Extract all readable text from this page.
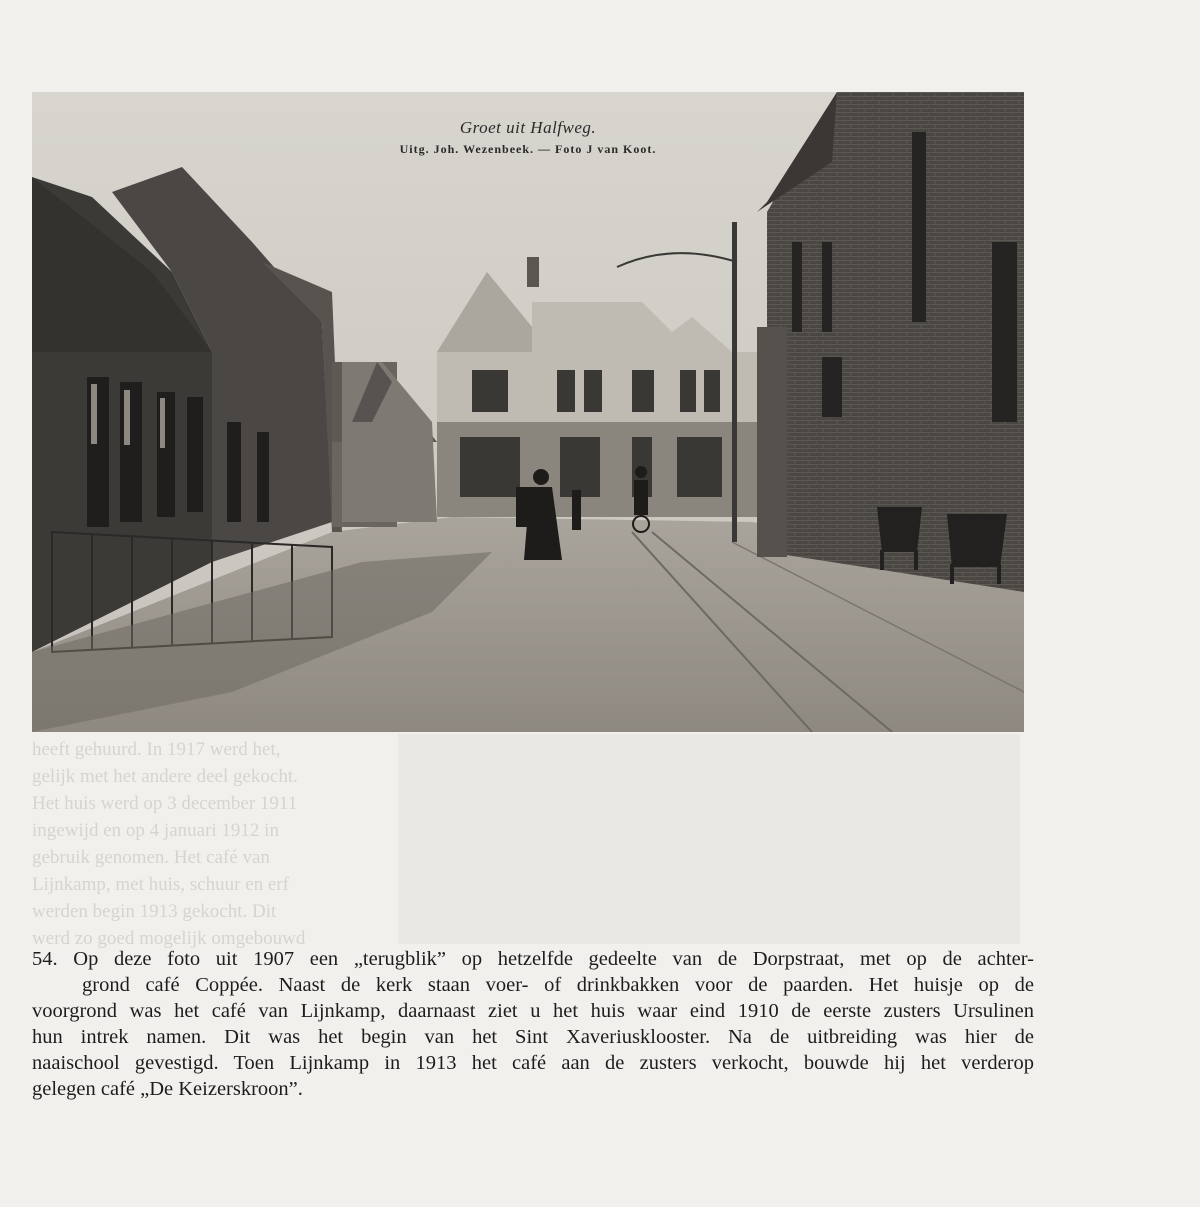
heeft gehuurd. In 1917 werd het,
gelijk met het andere deel gekocht.
Het huis werd op 3 december 1911
ingewijd en op 4 januari 1912 in
gebruik genomen. Het café van
Lijnkamp, met huis, schuur en erf
werden begin 1913 gekocht. Dit
werd zo goed mogelijk omgebouwd
Groet uit Halfweg.
Uitg. Joh. Wezenbeek. — Foto J van Koot.
54. Op deze foto uit 1907 een „terugblik” op hetzelfde gedeelte van de Dorpstraat, met op de achter-
grond café Coppée. Naast de kerk staan voer- of drinkbakken voor de paarden. Het huisje op de
voorgrond was het café van Lijnkamp, daarnaast ziet u het huis waar eind 1910 de eerste zusters Ursulinen
hun intrek namen. Dit was het begin van het Sint Xaveriusklooster. Na de uitbreiding was hier de
naaischool gevestigd. Toen Lijnkamp in 1913 het café aan de zusters verkocht, bouwde hij het verderop
gelegen café „De Keizerskroon”.
